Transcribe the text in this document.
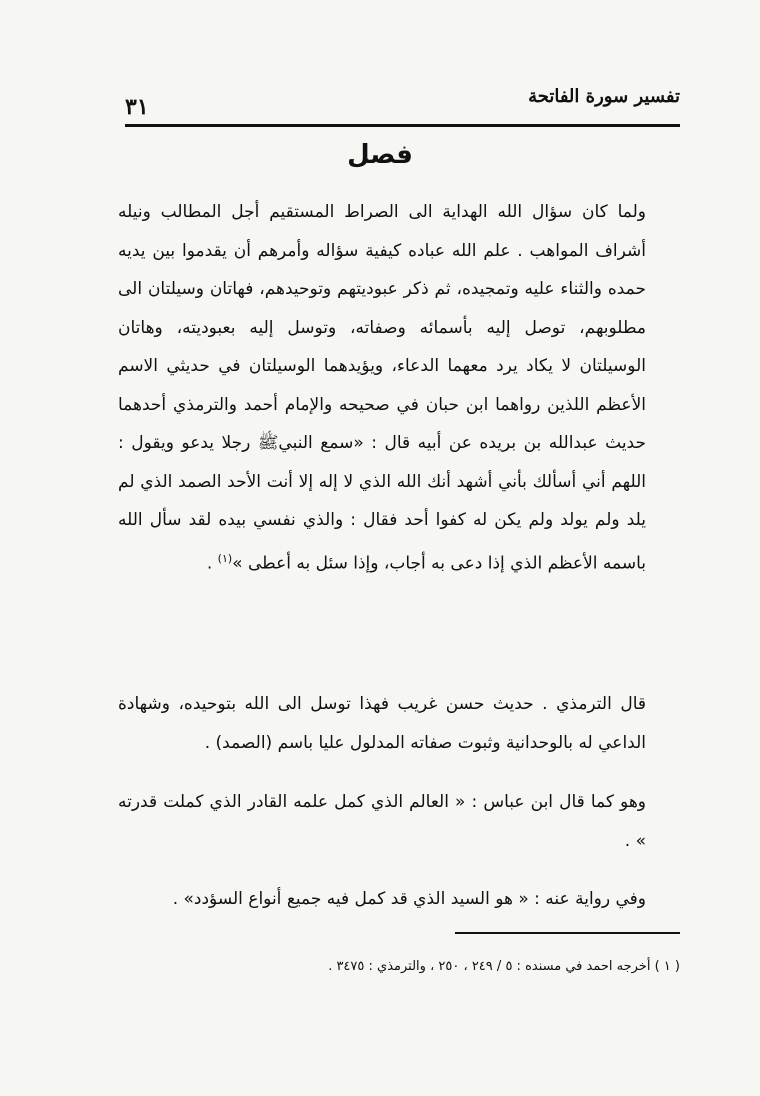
تفسير سورة الفاتحة
٣١
فصل

ولما كان سؤال الله الهداية الى الصراط المستقيم أجل المطالب ونيله أشراف المواهب . علم الله عباده كيفية سؤاله وأمرهم أن يقدموا بين يديه حمده والثناء عليه وتمجيده، ثم ذكر عبوديتهم وتوحيدهم، فهاتان وسيلتان الى مطلوبهم، توصل إليه بأسمائه وصفاته، وتوسل إليه بعبوديته، وهاتان الوسيلتان لا يكاد يرد معهما الدعاء، ويؤيدهما الوسيلتان في حديثي الاسم الأعظم اللذين رواهما ابن حبان في صحيحه والإمام أحمد والترمذي أحدهما حديث عبدالله بن بريده عن أبيه قال : «سمع النبيﷺ رجلا يدعو ويقول : اللهم أني أسألك بأني أشهد أنك الله الذي لا إله إلا أنت الأحد الصمد الذي لم يلد ولم يولد ولم يكن له كفوا أحد فقال : والذي نفسي بيده لقد سأل الله باسمه الأعظم الذي إذا دعى به أجاب، وإذا سئل به أعطى »$^{(١)}$ .

قال الترمذي . حديث حسن غريب فهذا توسل الى الله بتوحيده، وشهادة الداعي له بالوحدانية وثبوت صفاته المدلول عليا باسم (الصمد) .

وهو كما قال ابن عباس : « العالم الذي كمل علمه القادر الذي كملت قدرته » .

وفي رواية عنه : « هو السيد الذي قد كمل فيه جميع أنواع السؤدد» .

( ١ ) أخرجه احمد في مسنده : ٥ / ٢٤٩ ، ٢٥٠ ، والترمذي : ٣٤٧٥ .
